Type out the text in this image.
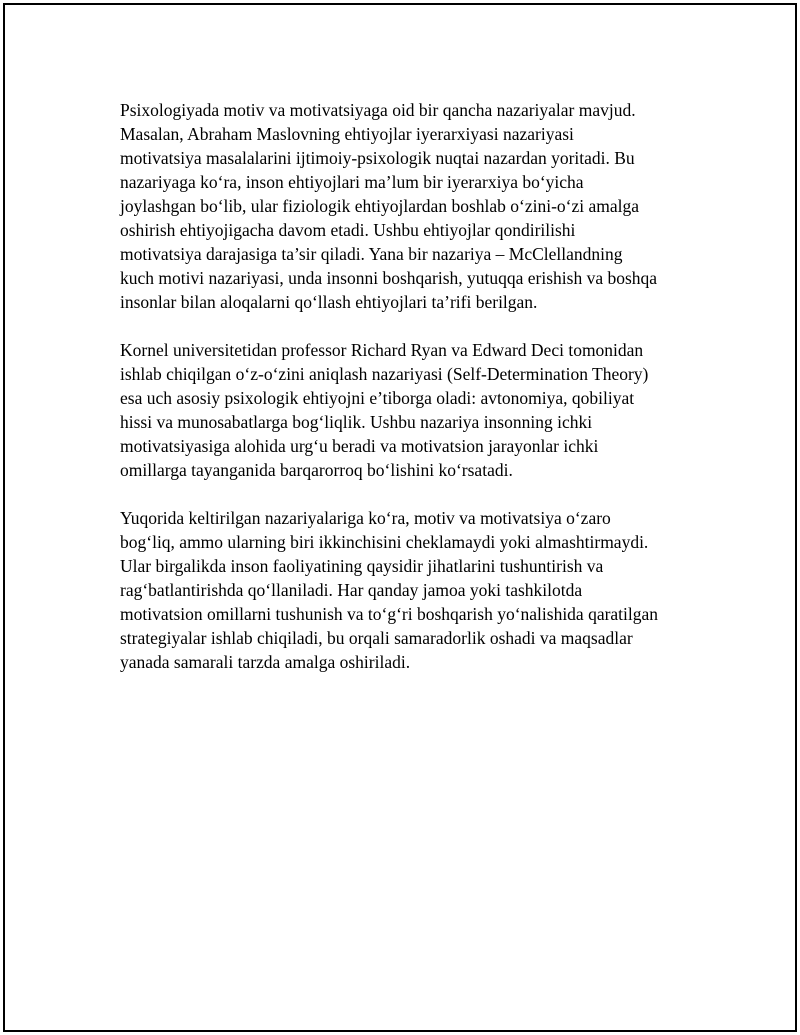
Psixologiyada motiv va motivatsiyaga oid bir qancha nazariyalar mavjud.
Masalan, Abraham Maslovning ehtiyojlar iyerarxiyasi nazariyasi
motivatsiya masalalarini ijtimoiy-psixologik nuqtai nazardan yoritadi. Bu
nazariyaga ko‘ra, inson ehtiyojlari ma’lum bir iyerarxiya bo‘yicha
joylashgan bo‘lib, ular fiziologik ehtiyojlardan boshlab o‘zini-o‘zi amalga
oshirish ehtiyojigacha davom etadi. Ushbu ehtiyojlar qondirilishi
motivatsiya darajasiga ta’sir qiladi. Yana bir nazariya – McClellandning
kuch motivi nazariyasi, unda insonni boshqarish, yutuqqa erishish va boshqa
insonlar bilan aloqalarni qo‘llash ehtiyojlari ta’rifi berilgan.

Kornel universitetidan professor Richard Ryan va Edward Deci tomonidan
ishlab chiqilgan o‘z-o‘zini aniqlash nazariyasi (Self-Determination Theory)
esa uch asosiy psixologik ehtiyojni e’tiborga oladi: avtonomiya, qobiliyat
hissi va munosabatlarga bog‘liqlik. Ushbu nazariya insonning ichki
motivatsiyasiga alohida urg‘u beradi va motivatsion jarayonlar ichki
omillarga tayanganida barqarorroq bo‘lishini ko‘rsatadi.

Yuqorida keltirilgan nazariyalariga ko‘ra, motiv va motivatsiya o‘zaro
bog‘liq, ammo ularning biri ikkinchisini cheklamaydi yoki almashtirmaydi.
Ular birgalikda inson faoliyatining qaysidir jihatlarini tushuntirish va
rag‘batlantirishda qo‘llaniladi. Har qanday jamoa yoki tashkilotda
motivatsion omillarni tushunish va to‘g‘ri boshqarish yo‘nalishida qaratilgan
strategiyalar ishlab chiqiladi, bu orqali samaradorlik oshadi va maqsadlar
yanada samarali tarzda amalga oshiriladi.
